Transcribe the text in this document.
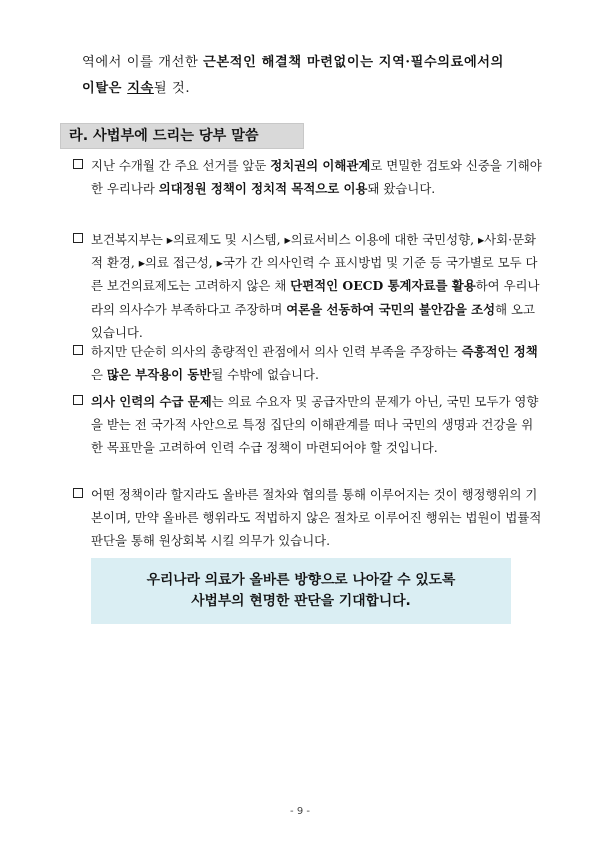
역에서 이를 개선한 근본적인 해결책 마련없이는 지역·필수의료에서의
이탈은 지속될 것.

라. 사법부에 드리는 당부 말씀

지난 수개월 간 주요 선거를 앞둔 정치권의 이해관계로 면밀한 검토와 신중을 기해야 한 우리나라 의대정원 정책이 정치적 목적으로 이용돼 왔습니다.

보건복지부는 ▸의료제도 및 시스템, ▸의료서비스 이용에 대한 국민성향, ▸사회·문화적 환경, ▸의료 접근성, ▸국가 간 의사인력 수 표시방법 및 기준 등 국가별로 모두 다른 보건의료제도는 고려하지 않은 채 단편적인 OECD 통계자료를 활용하여 우리나라의 의사수가 부족하다고 주장하며 여론을 선동하여 국민의 불안감을 조성해 오고 있습니다.

하지만 단순히 의사의 총량적인 관점에서 의사 인력 부족을 주장하는 즉흥적인 정책은 많은 부작용이 동반될 수밖에 없습니다.

의사 인력의 수급 문제는 의료 수요자 및 공급자만의 문제가 아닌, 국민 모두가 영향을 받는 전 국가적 사안으로 특정 집단의 이해관계를 떠나 국민의 생명과 건강을 위한 목표만을 고려하여 인력 수급 정책이 마련되어야 할 것입니다.

어떤 정책이라 할지라도 올바른 절차와 협의를 통해 이루어지는 것이 행정행위의 기본이며, 만약 올바른 행위라도 적법하지 않은 절차로 이루어진 행위는 법원이 법률적 판단을 통해 원상회복 시킬 의무가 있습니다.

우리나라 의료가 올바른 방향으로 나아갈 수 있도록
사법부의 현명한 판단을 기대합니다.
- 9 -
